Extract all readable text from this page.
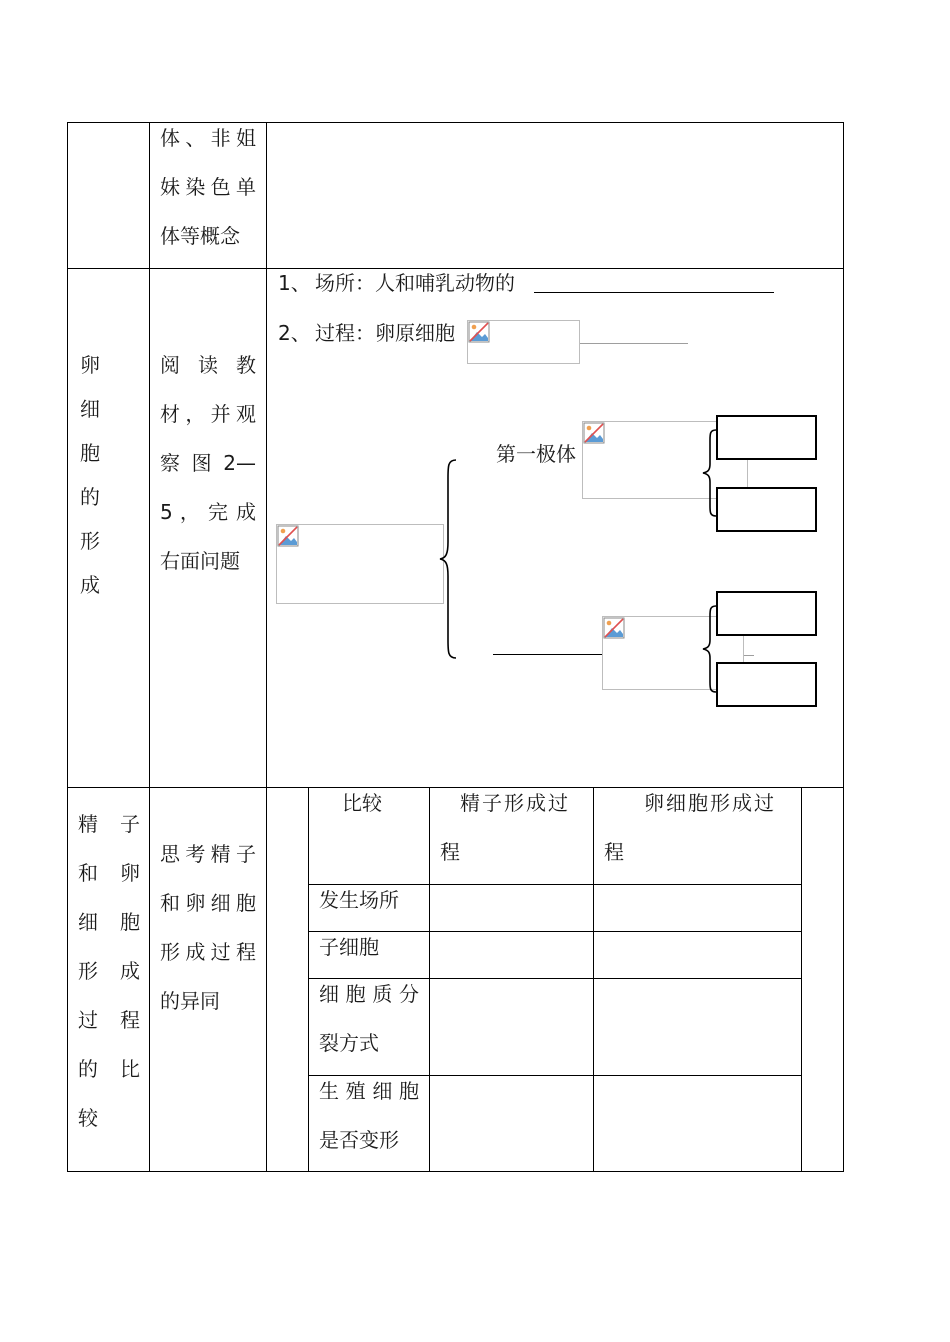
体、非姐
妹染色单
体等概念
卵
细
胞
的
形
成
阅 读 教
材，并观
察 图 2—
5 ， 完 成
右面问题
1、 场所：人和哺乳动物的
2、 过程：卵原细胞
第一极体
精 子
和 卵
细 胞
形 成
过 程
的 比
较
思考精子
和卵细胞
形成过程
的异同
比较	精子形成过程
卵细胞形成过程
发生场所
子细胞
细胞质分
裂方式
生殖细胞
是否变形
